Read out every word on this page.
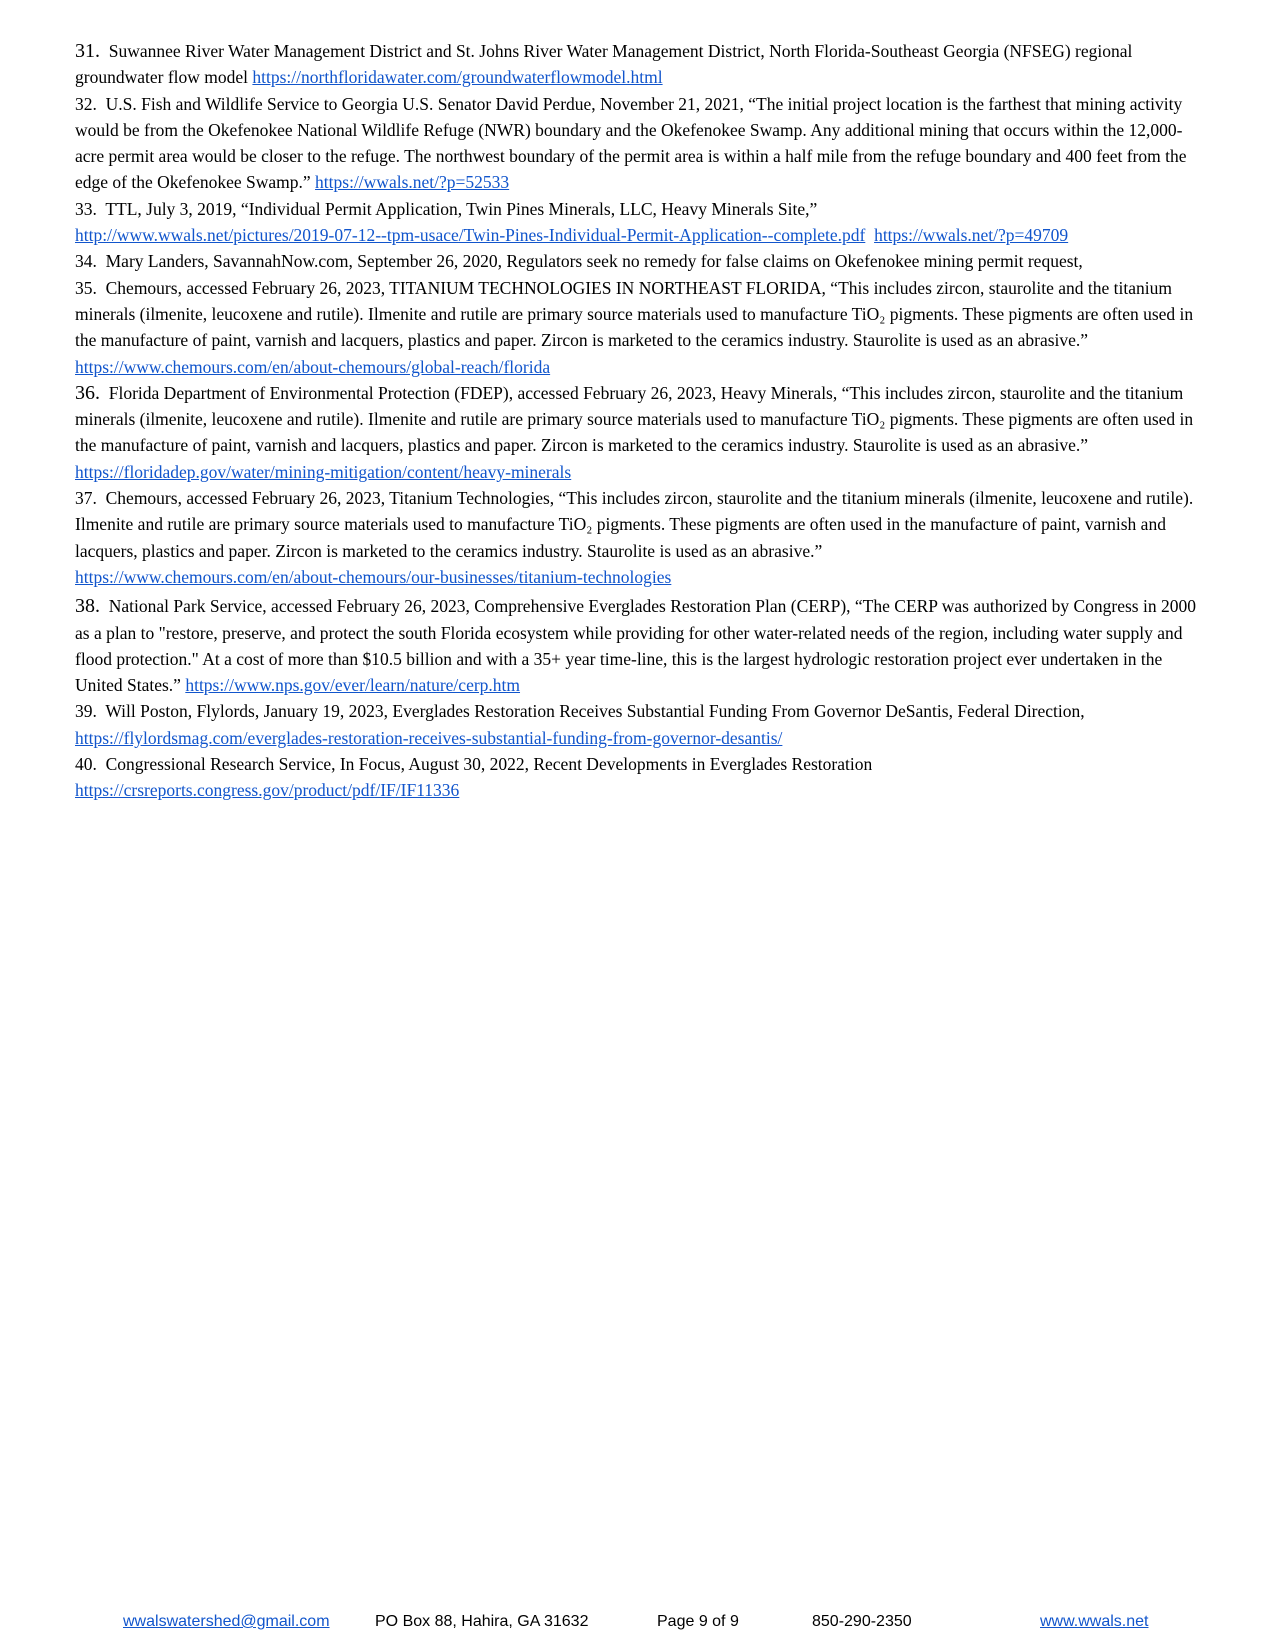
31. Suwannee River Water Management District and St. Johns River Water Management District, North Florida-Southeast Georgia (NFSEG) regional groundwater flow model https://northfloridawater.com/groundwaterflowmodel.html

32. U.S. Fish and Wildlife Service to Georgia U.S. Senator David Perdue, November 21, 2021, “The initial project location is the farthest that mining activity would be from the Okefenokee National Wildlife Refuge (NWR) boundary and the Okefenokee Swamp. Any additional mining that occurs within the 12,000-acre permit area would be closer to the refuge. The northwest boundary of the permit area is within a half mile from the refuge boundary and 400 feet from the edge of the Okefenokee Swamp.” https://wwals.net/?p=52533

33. TTL, July 3, 2019, “Individual Permit Application, Twin Pines Minerals, LLC, Heavy Minerals Site,”
http://www.wwals.net/pictures/2019-07-12--tpm-usace/Twin-Pines-Individual-Permit-Application--complete.pdf https://wwals.net/?p=49709

34. Mary Landers, SavannahNow.com, September 26, 2020, Regulators seek no remedy for false claims on Okefenokee mining permit request,

35. Chemours, accessed February 26, 2023, TITANIUM TECHNOLOGIES IN NORTHEAST FLORIDA, “This includes zircon, staurolite and the titanium minerals (ilmenite, leucoxene and rutile). Ilmenite and rutile are primary source materials used to manufacture TiO₂ pigments. These pigments are often used in the manufacture of paint, varnish and lacquers, plastics and paper. Zircon is marketed to the ceramics industry. Staurolite is used as an abrasive.” https://www.chemours.com/en/about-chemours/global-reach/florida

36. Florida Department of Environmental Protection (FDEP), accessed February 26, 2023, Heavy Minerals, “This includes zircon, staurolite and the titanium minerals (ilmenite, leucoxene and rutile). Ilmenite and rutile are primary source materials used to manufacture TiO₂ pigments. These pigments are often used in the manufacture of paint, varnish and lacquers, plastics and paper. Zircon is marketed to the ceramics industry. Staurolite is used as an abrasive.”  https://floridadep.gov/water/mining-mitigation/content/heavy-minerals

37. Chemours, accessed February 26, 2023, Titanium Technologies, “This includes zircon, staurolite and the titanium minerals (ilmenite, leucoxene and rutile). Ilmenite and rutile are primary source materials used to manufacture TiO₂ pigments. These pigments are often used in the manufacture of paint, varnish and lacquers, plastics and paper. Zircon is marketed to the ceramics industry. Staurolite is used as an abrasive.”
https://www.chemours.com/en/about-chemours/our-businesses/titanium-technologies

38. National Park Service, accessed February 26, 2023, Comprehensive Everglades Restoration Plan (CERP), “The CERP was authorized by Congress in 2000 as a plan to "restore, preserve, and protect the south Florida ecosystem while providing for other water-related needs of the region, including water supply and flood protection." At a cost of more than $10.5 billion and with a 35+ year time-line, this is the largest hydrologic restoration project ever undertaken in the United States.” https://www.nps.gov/ever/learn/nature/cerp.htm

39. Will Poston, Flylords, January 19, 2023, Everglades Restoration Receives Substantial Funding From Governor DeSantis, Federal Direction,
https://flylordsmag.com/everglades-restoration-receives-substantial-funding-from-governor-desantis/

40. Congressional Research Service, In Focus, August 30, 2022, Recent Developments in Everglades Restoration
https://crsreports.congress.gov/product/pdf/IF/IF11336

wwalswatershed@gmail.com	PO Box 88, Hahira, GA 31632	Page 9 of 9	850-290-2350	www.wwals.net
